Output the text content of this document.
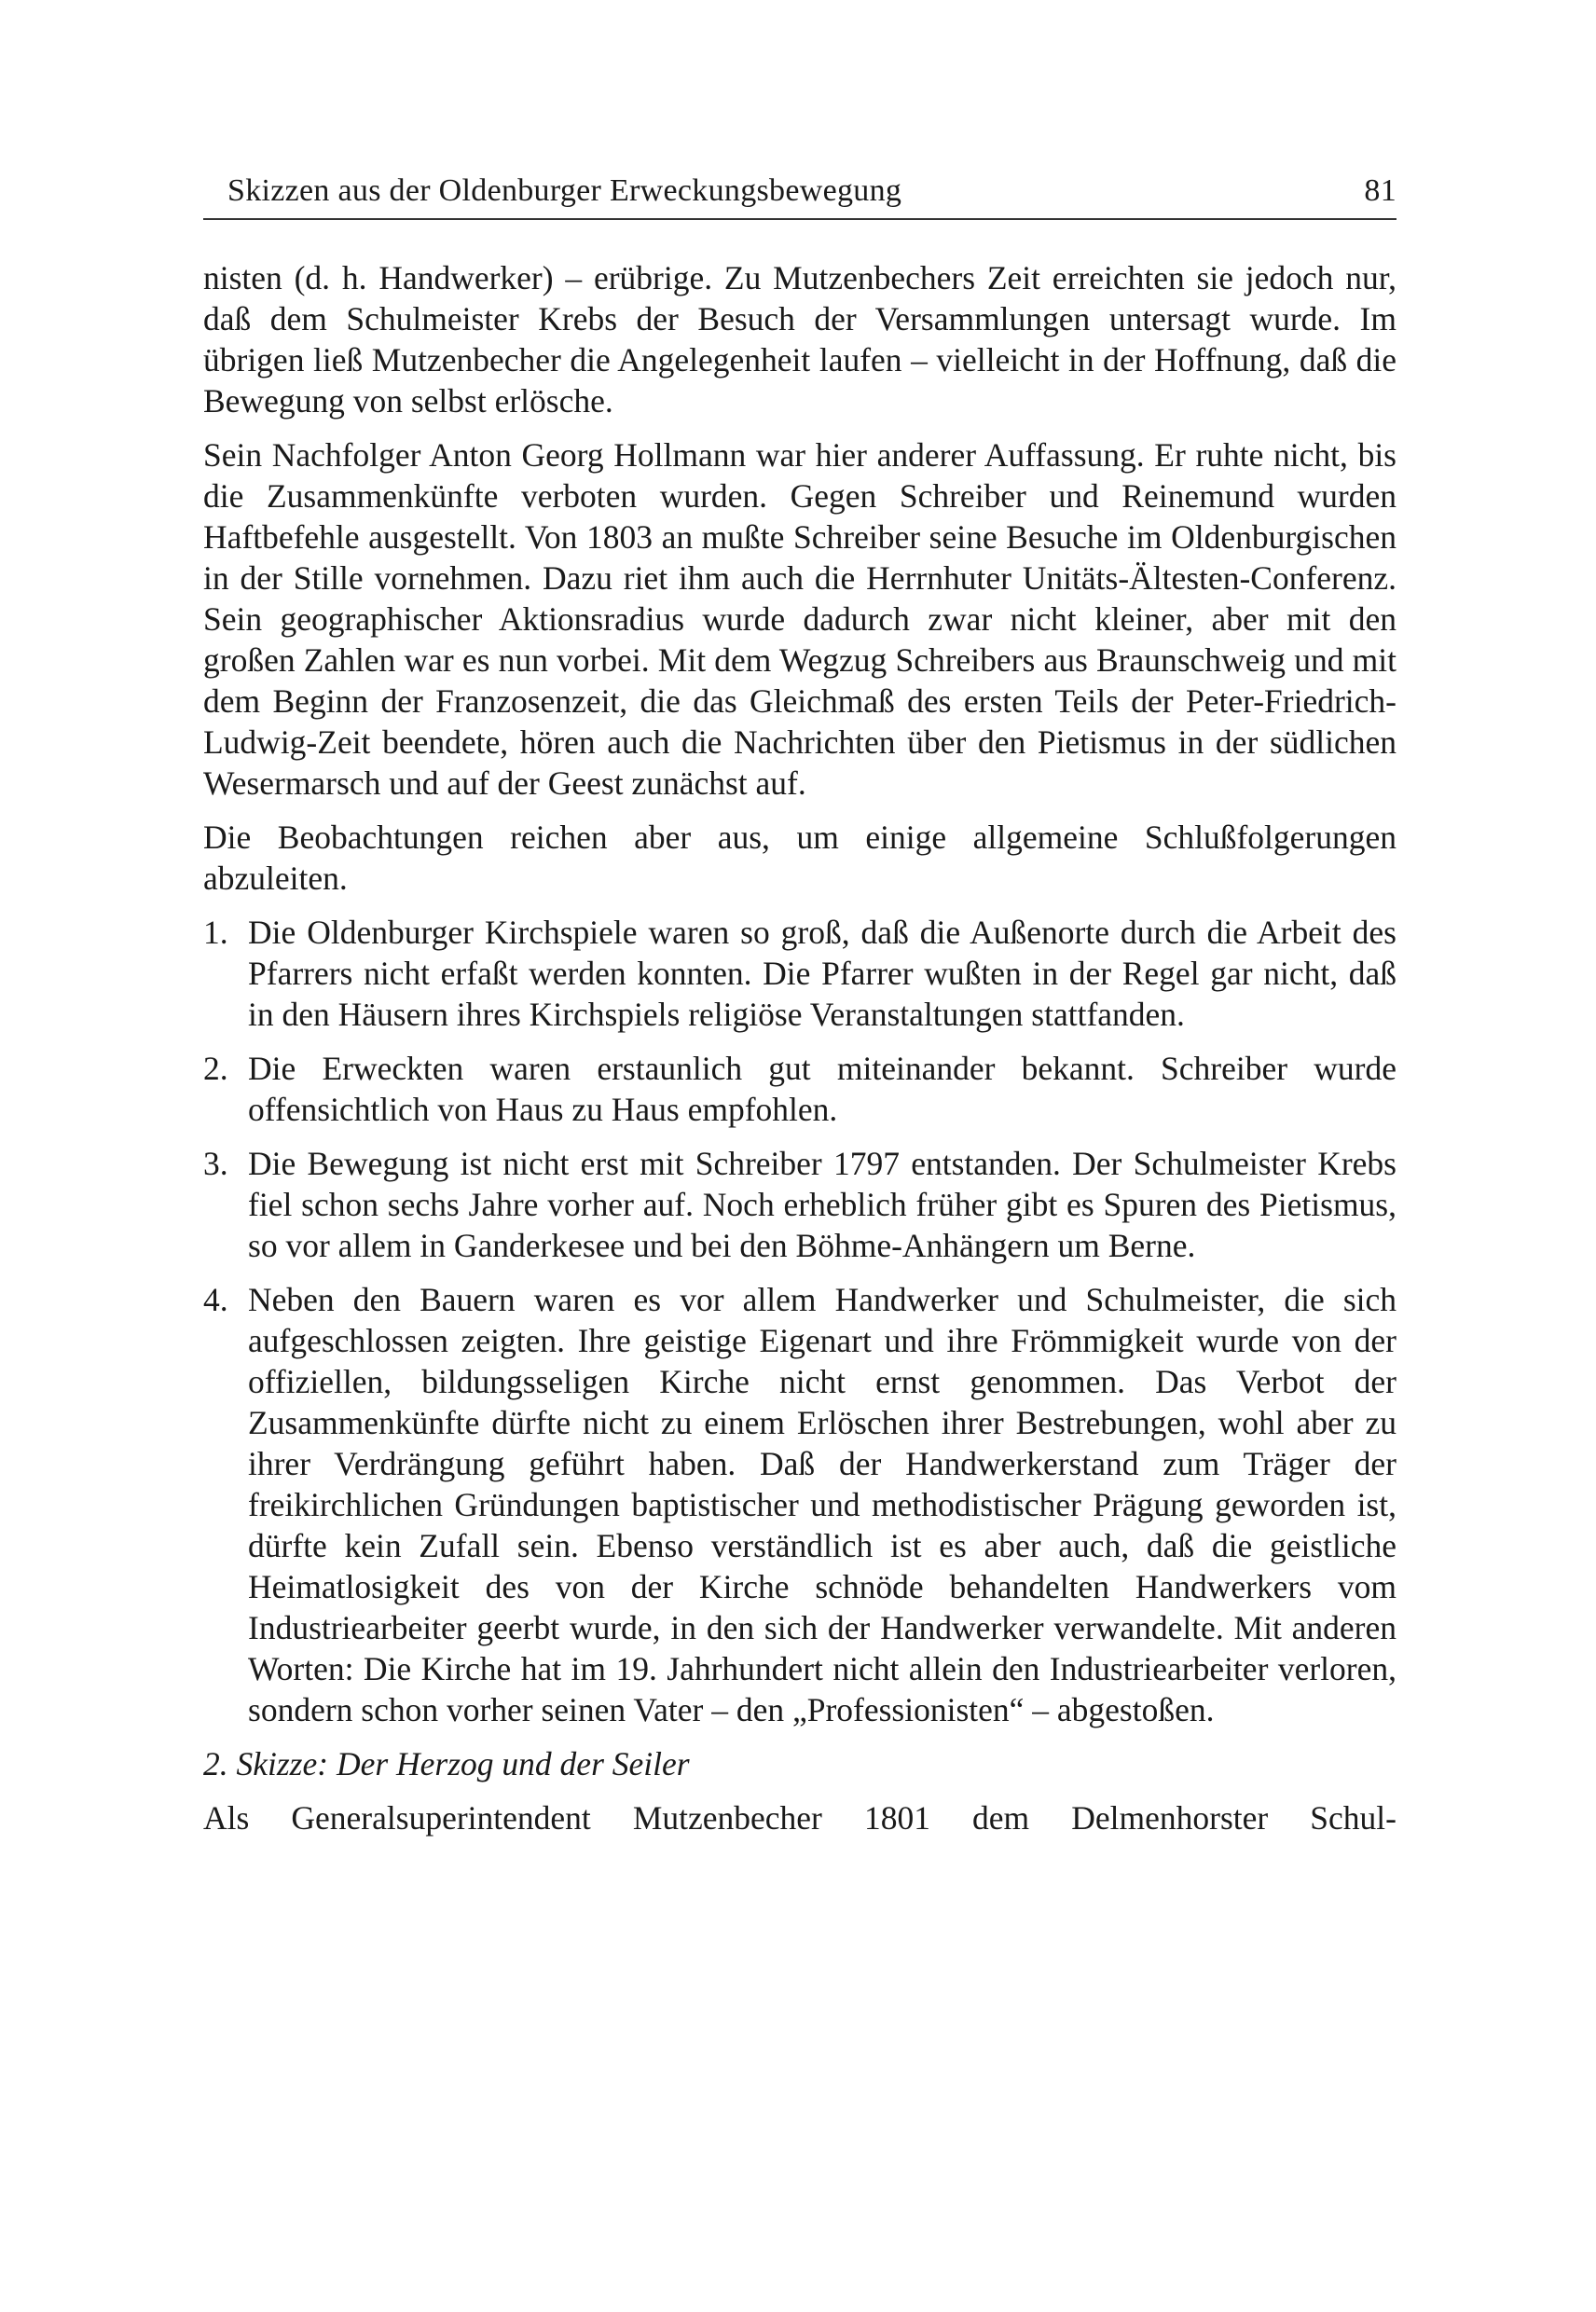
Skizzen aus der Oldenburger Erweckungsbewegung	81

nisten (d. h. Handwerker) – erübrige. Zu Mutzenbechers Zeit erreichten sie jedoch nur, daß dem Schulmeister Krebs der Besuch der Versammlungen untersagt wurde. Im übrigen ließ Mutzenbecher die Angelegenheit laufen – vielleicht in der Hoffnung, daß die Bewegung von selbst erlösche.

Sein Nachfolger Anton Georg Hollmann war hier anderer Auffassung. Er ruhte nicht, bis die Zusammenkünfte verboten wurden. Gegen Schreiber und Reinemund wurden Haftbefehle ausgestellt. Von 1803 an mußte Schreiber seine Besuche im Oldenburgischen in der Stille vornehmen. Dazu riet ihm auch die Herrnhuter Unitäts-Ältesten-Conferenz. Sein geographischer Aktionsradius wurde dadurch zwar nicht kleiner, aber mit den großen Zahlen war es nun vorbei. Mit dem Wegzug Schreibers aus Braunschweig und mit dem Beginn der Franzosenzeit, die das Gleichmaß des ersten Teils der Peter-Friedrich-Ludwig-Zeit beendete, hören auch die Nachrichten über den Pietismus in der südlichen Wesermarsch und auf der Geest zunächst auf.

Die Beobachtungen reichen aber aus, um einige allgemeine Schlußfolgerungen abzuleiten.

1. Die Oldenburger Kirchspiele waren so groß, daß die Außenorte durch die Arbeit des Pfarrers nicht erfaßt werden konnten. Die Pfarrer wußten in der Regel gar nicht, daß in den Häusern ihres Kirchspiels religiöse Veranstaltungen stattfanden.
2. Die Erweckten waren erstaunlich gut miteinander bekannt. Schreiber wurde offensichtlich von Haus zu Haus empfohlen.
3. Die Bewegung ist nicht erst mit Schreiber 1797 entstanden. Der Schulmeister Krebs fiel schon sechs Jahre vorher auf. Noch erheblich früher gibt es Spuren des Pietismus, so vor allem in Ganderkesee und bei den Böhme-Anhängern um Berne.
4. Neben den Bauern waren es vor allem Handwerker und Schulmeister, die sich aufgeschlossen zeigten. Ihre geistige Eigenart und ihre Frömmigkeit wurde von der offiziellen, bildungsseligen Kirche nicht ernst genommen. Das Verbot der Zusammenkünfte dürfte nicht zu einem Erlöschen ihrer Bestrebungen, wohl aber zu ihrer Verdrängung geführt haben. Daß der Handwerkerstand zum Träger der freikirchlichen Gründungen baptistischer und methodistischer Prägung geworden ist, dürfte kein Zufall sein. Ebenso verständlich ist es aber auch, daß die geistliche Heimatlosigkeit des von der Kirche schnöde behandelten Handwerkers vom Industriearbeiter geerbt wurde, in den sich der Handwerker verwandelte. Mit anderen Worten: Die Kirche hat im 19. Jahrhundert nicht allein den Industriearbeiter verloren, sondern schon vorher seinen Vater – den „Professionisten“ – abgestoßen.

2. Skizze: Der Herzog und der Seiler

Als Generalsuperintendent Mutzenbecher 1801 dem Delmenhorster Schul-
